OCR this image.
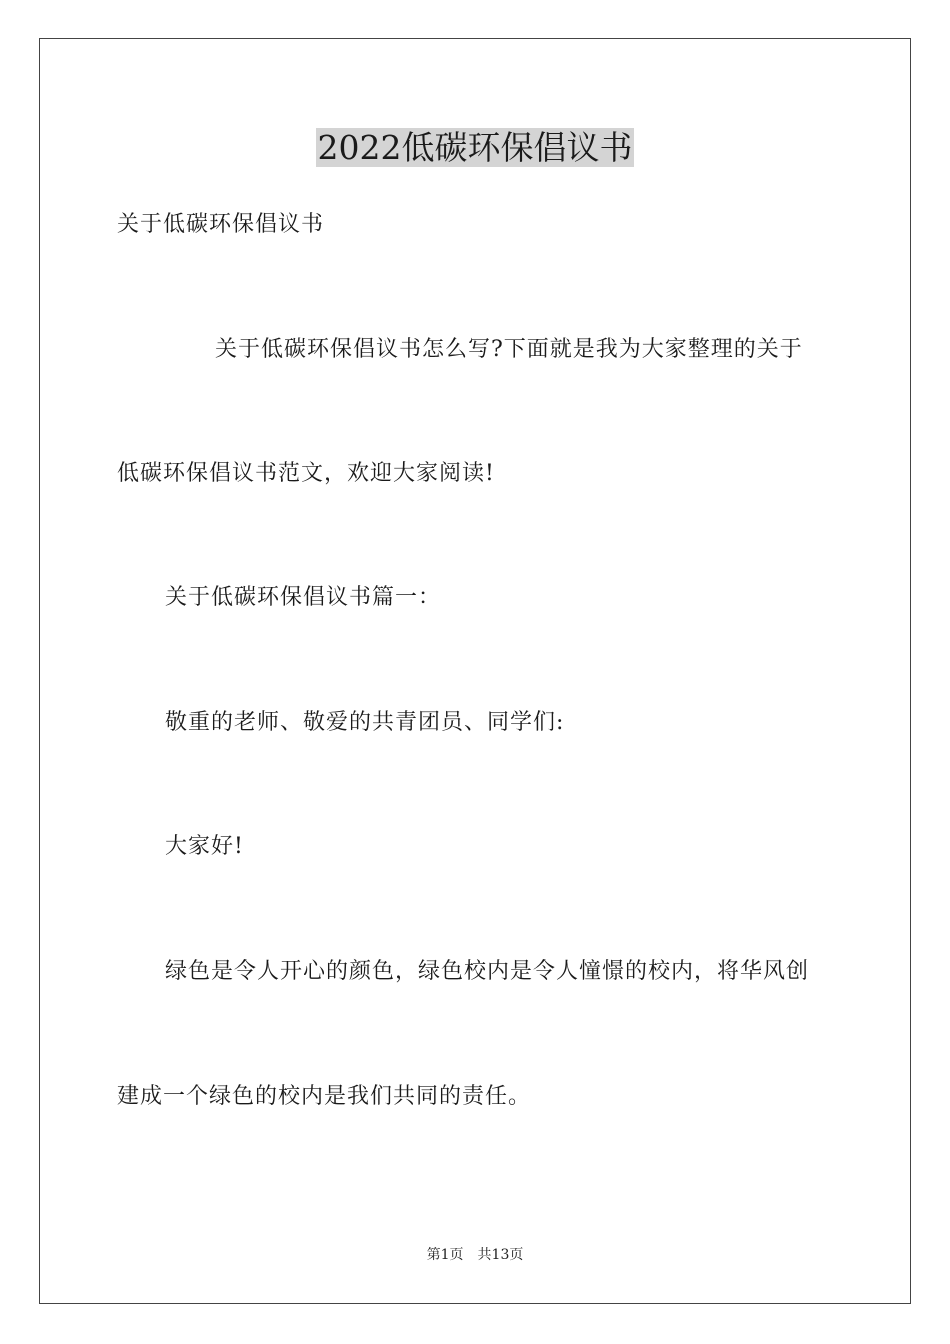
2022低碳环保倡议书

关于低碳环保倡议书

关于低碳环保倡议书怎么写?下面就是我为大家整理的关于

低碳环保倡议书范文，欢迎大家阅读!

关于低碳环保倡议书篇一：

敬重的老师、敬爱的共青团员、同学们:

大家好!

绿色是令人开心的颜色，绿色校内是令人憧憬的校内，将华风创

建成一个绿色的校内是我们共同的责任。

第1页 共13页
